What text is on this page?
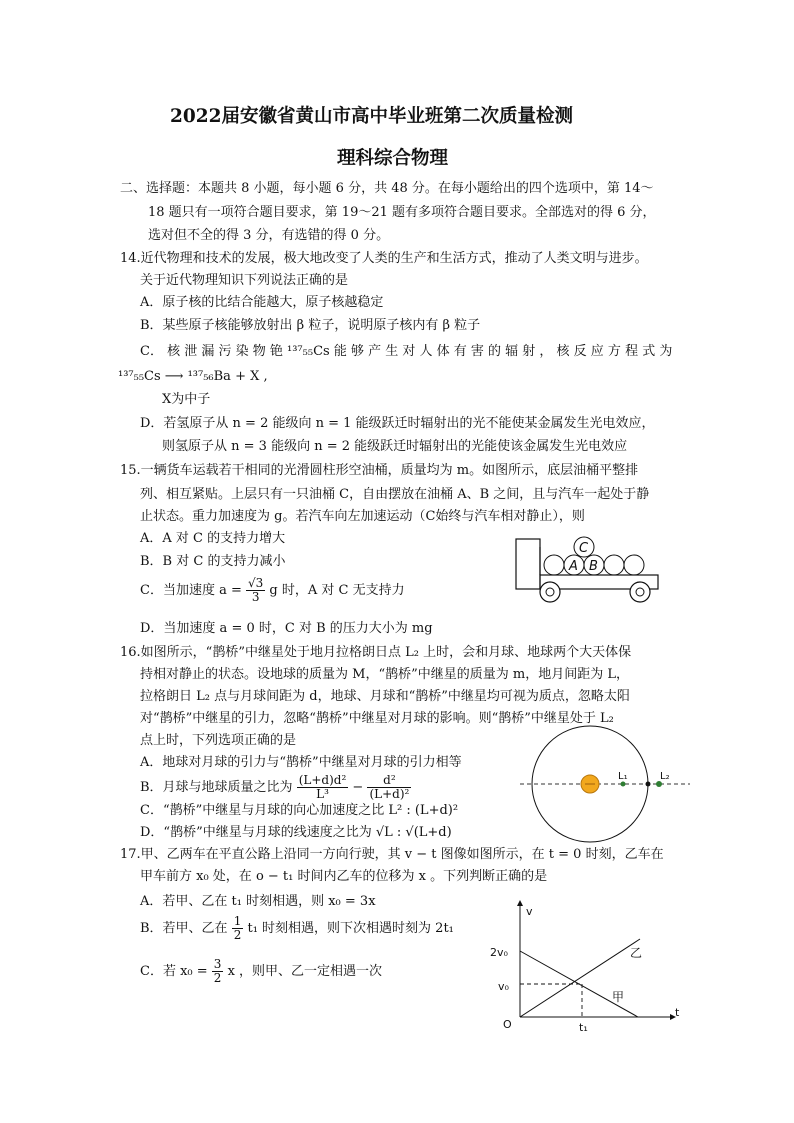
2022届安徽省黄山市高中毕业班第二次质量检测
理科综合物理
二、选择题：本题共 8 小题，每小题 6 分，共 48 分。在每小题给出的四个选项中，第 14～
18 题只有一项符合题目要求，第 19～21 题有多项符合题目要求。全部选对的得 6 分，
选对但不全的得 3 分，有选错的得 0 分。
14.近代物理和技术的发展，极大地改变了人类的生产和生活方式，推动了人类文明与进步。
关于近代物理知识下列说法正确的是
A．原子核的比结合能越大，原子核越稳定
B．某些原子核能够放射出 β 粒子，说明原子核内有 β 粒子
C． 核 泄 漏 污 染 物 铯 ¹³⁷₅₅Cs 能 够 产 生 对 人 体 有 害 的 辐 射 ， 核 反 应 方 程 式 为
¹³⁷₅₅Cs ⟶ ¹³⁷₅₆Ba + X ,
X为中子
D．若氢原子从 n = 2 能级向 n = 1 能级跃迁时辐射出的光不能使某金属发生光电效应，
则氢原子从 n = 3 能级向 n = 2 能级跃迁时辐射出的光能使该金属发生光电效应
15.一辆货车运载若干相同的光滑圆柱形空油桶，质量均为 m。如图所示，底层油桶平整排
列、相互紧贴。上层只有一只油桶 C，自由摆放在油桶 A、B 之间，且与汽车一起处于静
止状态。重力加速度为 g。若汽车向左加速运动（C始终与汽车相对静止），则
A．A 对 C 的支持力增大
B．B 对 C 的支持力减小
C．当加速度 $a = \frac{√3}{3}$ g 时，A 对 C 无支持力
D．当加速度 a = 0 时，C 对 B 的压力大小为 mg
C
A B
16.如图所示，“鹊桥”中继星处于地月拉格朗日点 L₂ 上时，会和月球、地球两个大天体保
持相对静止的状态。设地球的质量为 M，“鹊桥”中继星的质量为 m，地月间距为 L，
拉格朗日 L₂ 点与月球间距为 d，地球、月球和“鹊桥”中继星均可视为质点，忽略太阳
对“鹊桥”中继星的引力，忽略“鹊桥”中继星对月球的影响。则“鹊桥”中继星处于 L₂
点上时，下列选项正确的是
A．地球对月球的引力与“鹊桥”中继星对月球的引力相等
B．月球与地球质量之比为 $\frac{\text{(L+d)d²}}{\text{L³}} - \frac{\text{d²}}{\text{(L+d)²}}$
C．“鹊桥”中继星与月球的向心加速度之比 L² : (L+d)²
D．“鹊桥”中继星与月球的线速度之比为 √L : √(L+d)
L₁	L₂
17.甲、乙两车在平直公路上沿同一方向行驶，其 v − t 图像如图所示，在 t = 0 时刻，乙车在
甲车前方 x₀ 处，在 o − t₁ 时间内乙车的位移为 x 。下列判断正确的是
A．若甲、乙在 t₁ 时刻相遇，则 x₀ = 3x
B．若甲、乙在 $\frac{1}{2} t_1$ 时刻相遇，则下次相遇时刻为 2t₁
C．若 $x_0 = \frac{3}{2}$ x ，则甲、乙一定相遇一次
v
t
O
2v₀
v₀
t₁
乙
甲
